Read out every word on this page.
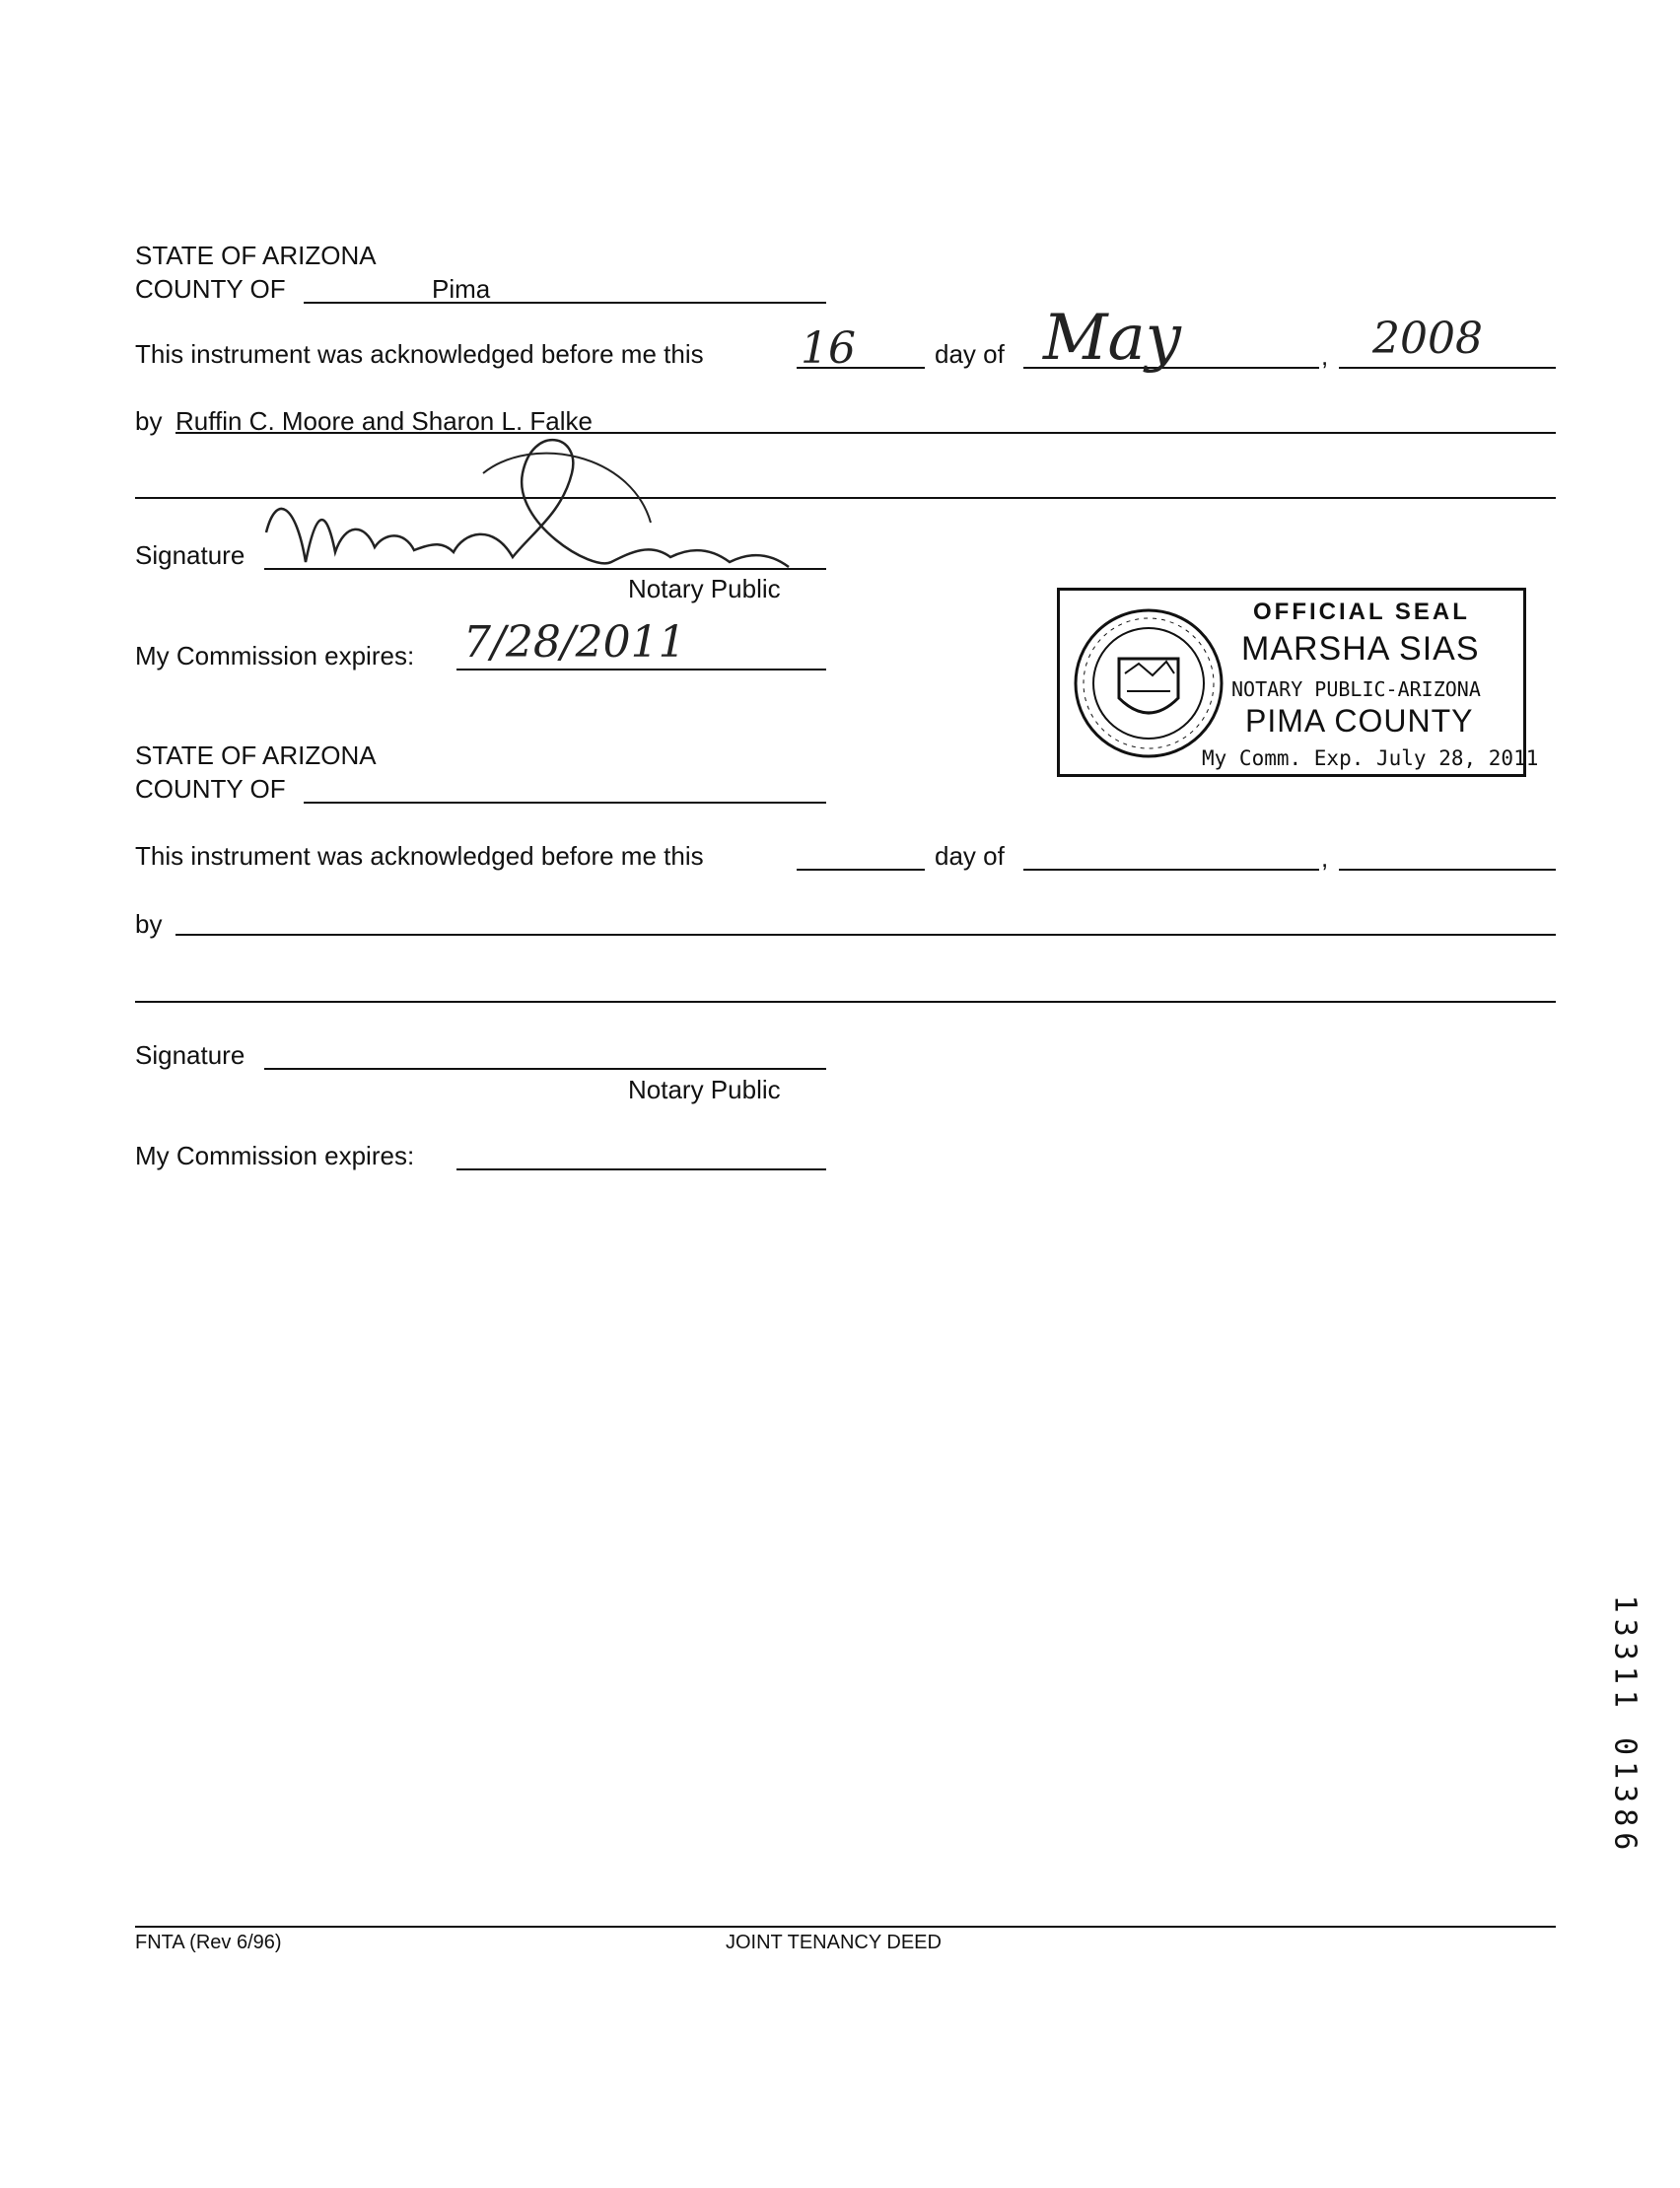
STATE OF ARIZONA
COUNTY OF	Pima
This instrument was acknowledged before me this 16	day of May	, 2008
by Ruffin C. Moore and Sharon L. Falke
Signature
Notary Public
My Commission expires: 7/28/2011
OFFICIAL SEAL
MARSHA SIAS
NOTARY PUBLIC-ARIZONA
PIMA COUNTY
My Comm. Exp. July 28, 2011
STATE OF ARIZONA
COUNTY OF
This instrument was acknowledged before me this	day of	,
by
Signature
Notary Public
My Commission expires:
13311 01386
FNTA (Rev 6/96)	JOINT TENANCY DEED
